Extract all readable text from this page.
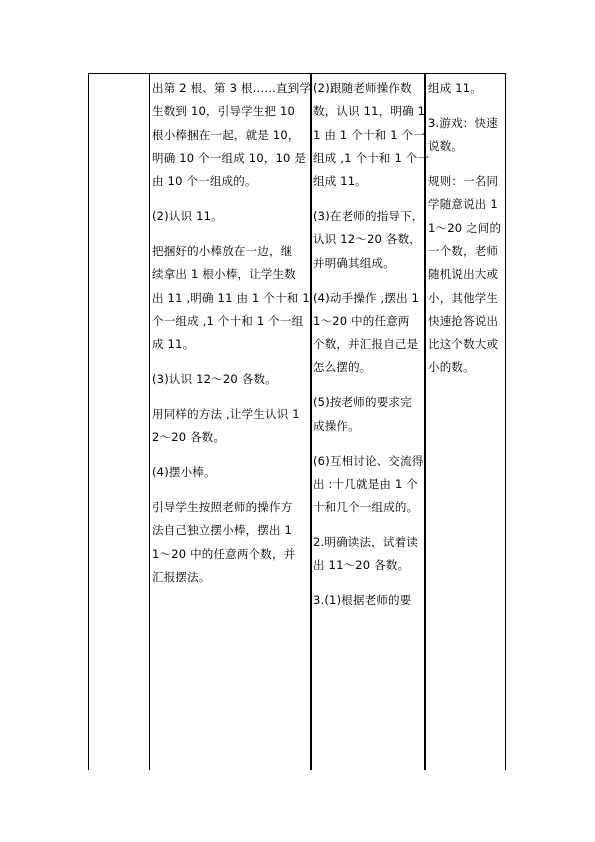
出第 2 根、第 3 根……直到学
生数到 10，引导学生把 10
根小棒捆在一起，就是 10，
明确 10 个一组成 10，10 是
由 10 个一组成的。
(2)认识 11。
把捆好的小棒放在一边，继
续拿出 1 根小棒，让学生数
出 11 ,明确 11 由 1 个十和 1
个一组成 ,1 个十和 1 个一组
成 11。
(3)认识 12～20 各数。
用同样的方法 ,让学生认识 1
2～20 各数。
(4)摆小棒。
引导学生按照老师的操作方
法自己独立摆小棒，摆出 1
1～20 中的任意两个数，并
汇报摆法。
(2)跟随老师操作数
数，认识 11，明确 1
1 由 1 个十和 1 个一
组成 ,1 个十和 1 个一
组成 11。
(3)在老师的指导下，
认识 12～20 各数，
并明确其组成。
(4)动手操作 ,摆出 1
1～20 中的任意两
个数，并汇报自己是
怎么摆的。
(5)按老师的要求完
成操作。
(6)互相讨论、交流得
出 :十几就是由 1 个
十和几个一组成的。
2.明确读法，试着读
出 11～20 各数。
3.(1)根据老师的要
组成 11。
3.游戏：快速
说数。
规则：一名同
学随意说出 1
1～20 之间的
一个数，老师
随机说出大或
小，其他学生
快速抢答说出
比这个数大或
小的数。
